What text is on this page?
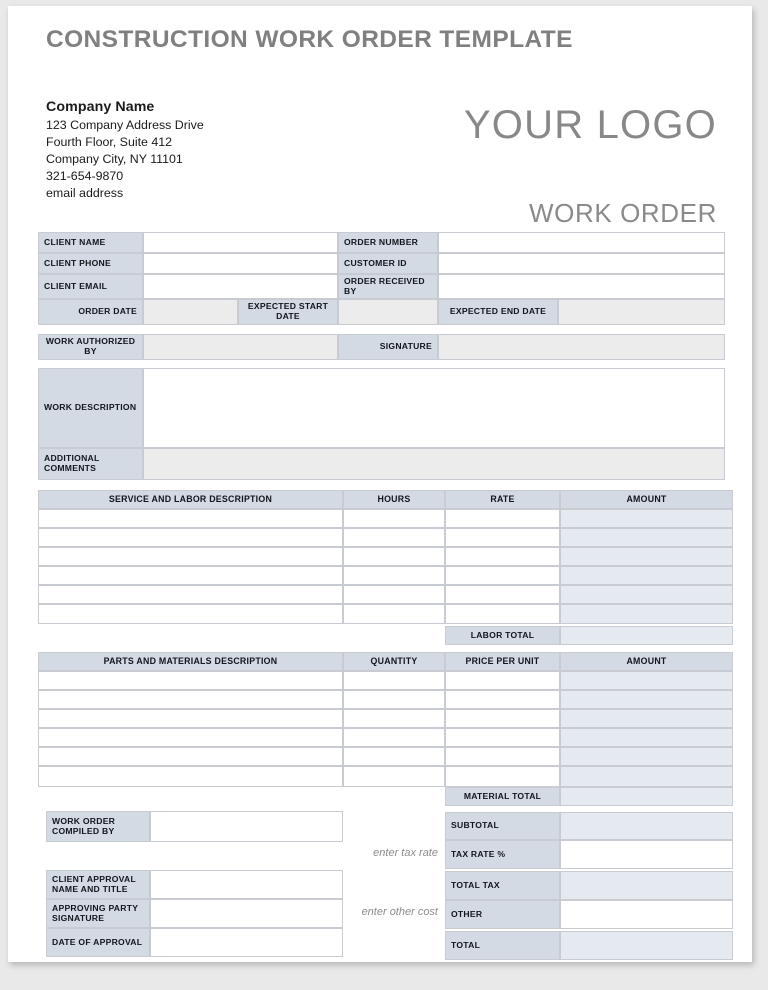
CONSTRUCTION WORK ORDER TEMPLATE
Company Name
123 Company Address Drive
Fourth Floor, Suite 412
Company City, NY 11101
321-654-9870
email address
YOUR LOGO
WORK ORDER
CLIENT NAME	ORDER NUMBER
CLIENT PHONE	CUSTOMER ID
CLIENT EMAIL	ORDER RECEIVED BY
ORDER DATE	EXPECTED START DATE	EXPECTED END DATE
WORK AUTHORIZED BY	SIGNATURE
WORK DESCRIPTION
ADDITIONAL COMMENTS
SERVICE AND LABOR DESCRIPTION	HOURS	RATE	AMOUNT
LABOR TOTAL
PARTS AND MATERIALS DESCRIPTION	QUANTITY	PRICE PER UNIT	AMOUNT
MATERIAL TOTAL
WORK ORDER COMPILED BY
CLIENT APPROVAL NAME AND TITLE
APPROVING PARTY SIGNATURE
DATE OF APPROVAL
SUBTOTAL
TAX RATE %
TOTAL TAX
OTHER
TOTAL
enter tax rate
enter other cost
